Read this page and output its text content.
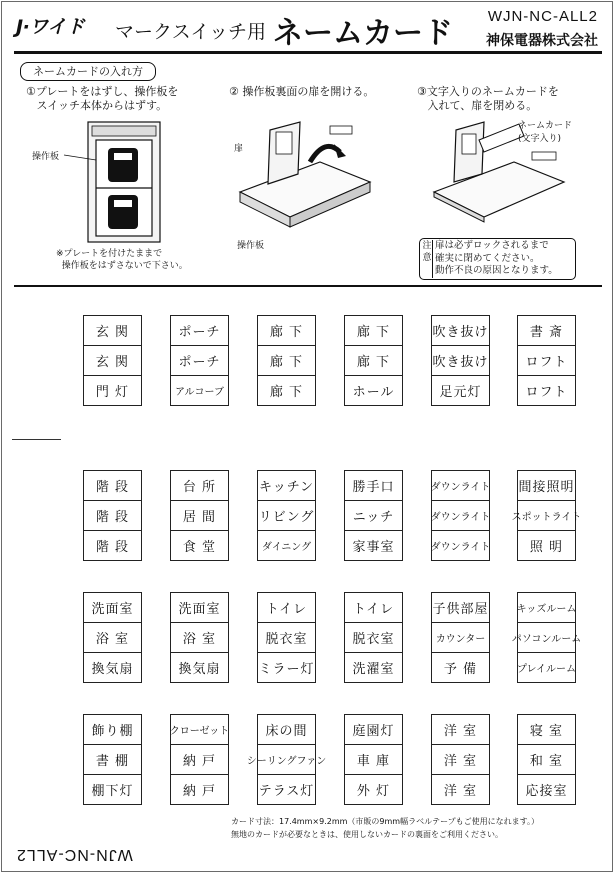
J·ワイド マークスイッチ用 ネームカード WJN-NC-ALL2
神保電器株式会社
ネームカードの入れ方
①プレートをはずし、操作板を
スイッチ本体からはずす。
② 操作板裏面の扉を開ける。	③文字入りのネームカードを
入れて、扉を閉める。
操作板
扉
操作板
ネームカード
(文字入り)
※プレートを付けたままで
操作板をはずさないで下さい。
注 意
扉は必ずロックされるまで
確実に閉めてください。
動作不良の原因となります。
玄 関
玄 関
門 灯
ポーチ
ポーチ
アルコーブ
廊 下
廊 下
廊 下
廊 下
廊 下
ホール
吹き抜け
吹き抜け
足元灯
書 斎
ロフト
ロフト
階 段
階 段
階 段
台 所
居 間
食 堂
キッチン
リビング
ダイニング
勝手口
ニッチ
家事室
ダウンライト
ダウンライト
ダウンライト
間接照明
スポットライト
照 明
洗面室
浴 室
換気扇
洗面室
浴 室
換気扇
トイレ
脱衣室
ミラー灯
トイレ
脱衣室
洗濯室
子供部屋
カウンター
予 備
キッズルーム
パソコンルーム
プレイルーム
飾り棚
書 棚
棚下灯
クローゼット
納 戸
納 戸
床の間
シーリングファン
テラス灯
庭園灯
車 庫
外 灯
洋 室
洋 室
洋 室
寝 室
和 室
応接室
カード寸法：17.4mm×9.2mm（市販の9mm幅ラベルテープもご使用になれます。）
無地のカードが必要なときは、使用しないカードの裏面をご利用ください。
WJN-NC-ALL2
